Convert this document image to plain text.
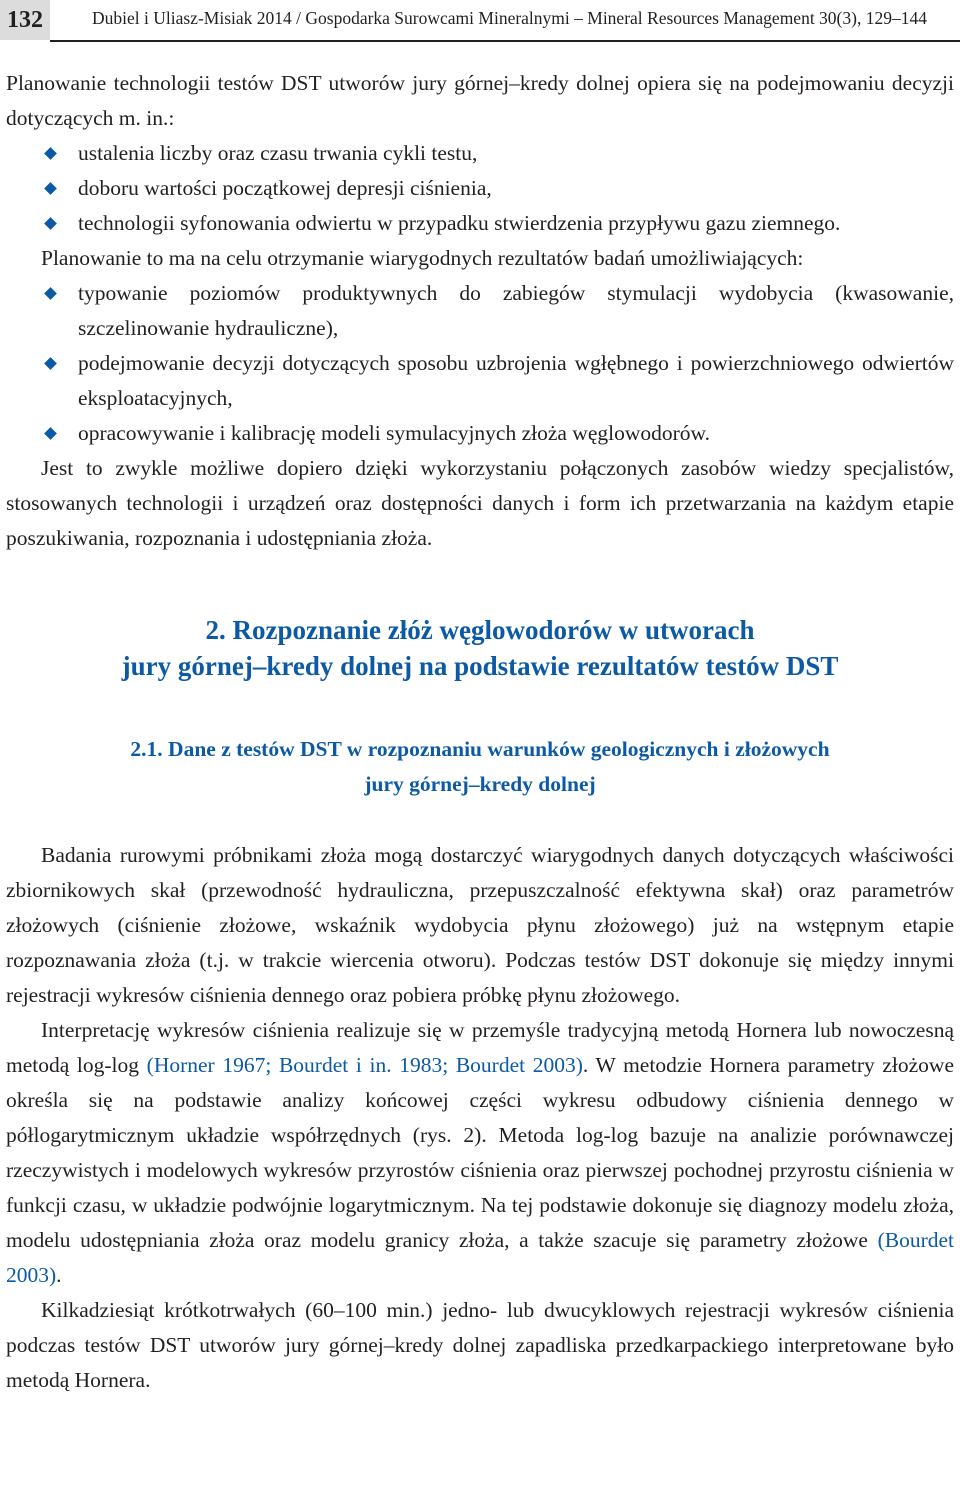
132	Dubiel i Uliasz-Misiak 2014 / Gospodarka Surowcami Mineralnymi – Mineral Resources Management 30(3), 129–144

Planowanie technologii testów DST utworów jury górnej–kredy dolnej opiera się na podejmowaniu decyzji dotyczących m. in.:

ustalenia liczby oraz czasu trwania cykli testu,
doboru wartości początkowej depresji ciśnienia,
technologii syfonowania odwiertu w przypadku stwierdzenia przypływu gazu ziemnego.

Planowanie to ma na celu otrzymanie wiarygodnych rezultatów badań umożliwiających:

typowanie poziomów produktywnych do zabiegów stymulacji wydobycia (kwasowanie, szczelinowanie hydrauliczne),
podejmowanie decyzji dotyczących sposobu uzbrojenia wgłębnego i powierzchniowego odwiertów eksploatacyjnych,
opracowywanie i kalibrację modeli symulacyjnych złoża węglowodorów.

Jest to zwykle możliwe dopiero dzięki wykorzystaniu połączonych zasobów wiedzy specjalistów, stosowanych technologii i urządzeń oraz dostępności danych i form ich przetwarzania na każdym etapie poszukiwania, rozpoznania i udostępniania złoża.

2. Rozpoznanie złóż węglowodorów w utworach
jury górnej–kredy dolnej na podstawie rezultatów testów DST
2.1. Dane z testów DST w rozpoznaniu warunków geologicznych i złożowych
jury górnej–kredy dolnej

Badania rurowymi próbnikami złoża mogą dostarczyć wiarygodnych danych dotyczących właściwości zbiornikowych skał (przewodność hydrauliczna, przepuszczalność efektywna skał) oraz parametrów złożowych (ciśnienie złożowe, wskaźnik wydobycia płynu złożowego) już na wstępnym etapie rozpoznawania złoża (t.j. w trakcie wiercenia otworu). Podczas testów DST dokonuje się między innymi rejestracji wykresów ciśnienia dennego oraz pobiera próbkę płynu złożowego.

Interpretację wykresów ciśnienia realizuje się w przemyśle tradycyjną metodą Hornera lub nowoczesną metodą log-log (Horner 1967; Bourdet i in. 1983; Bourdet 2003). W metodzie Hornera parametry złożowe określa się na podstawie analizy końcowej części wykresu odbudowy ciśnienia dennego w półlogarytmicznym układzie współrzędnych (rys. 2). Metoda log-log bazuje na analizie porównawczej rzeczywistych i modelowych wykresów przyrostów ciśnienia oraz pierwszej pochodnej przyrostu ciśnienia w funkcji czasu, w układzie podwójnie logarytmicznym. Na tej podstawie dokonuje się diagnozy modelu złoża, modelu udostępniania złoża oraz modelu granicy złoża, a także szacuje się parametry złożowe (Bourdet 2003).

Kilkadziesiąt krótkotrwałych (60–100 min.) jedno- lub dwucyklowych rejestracji wykresów ciśnienia podczas testów DST utworów jury górnej–kredy dolnej zapadliska przedkarpackiego interpretowane było metodą Hornera.
